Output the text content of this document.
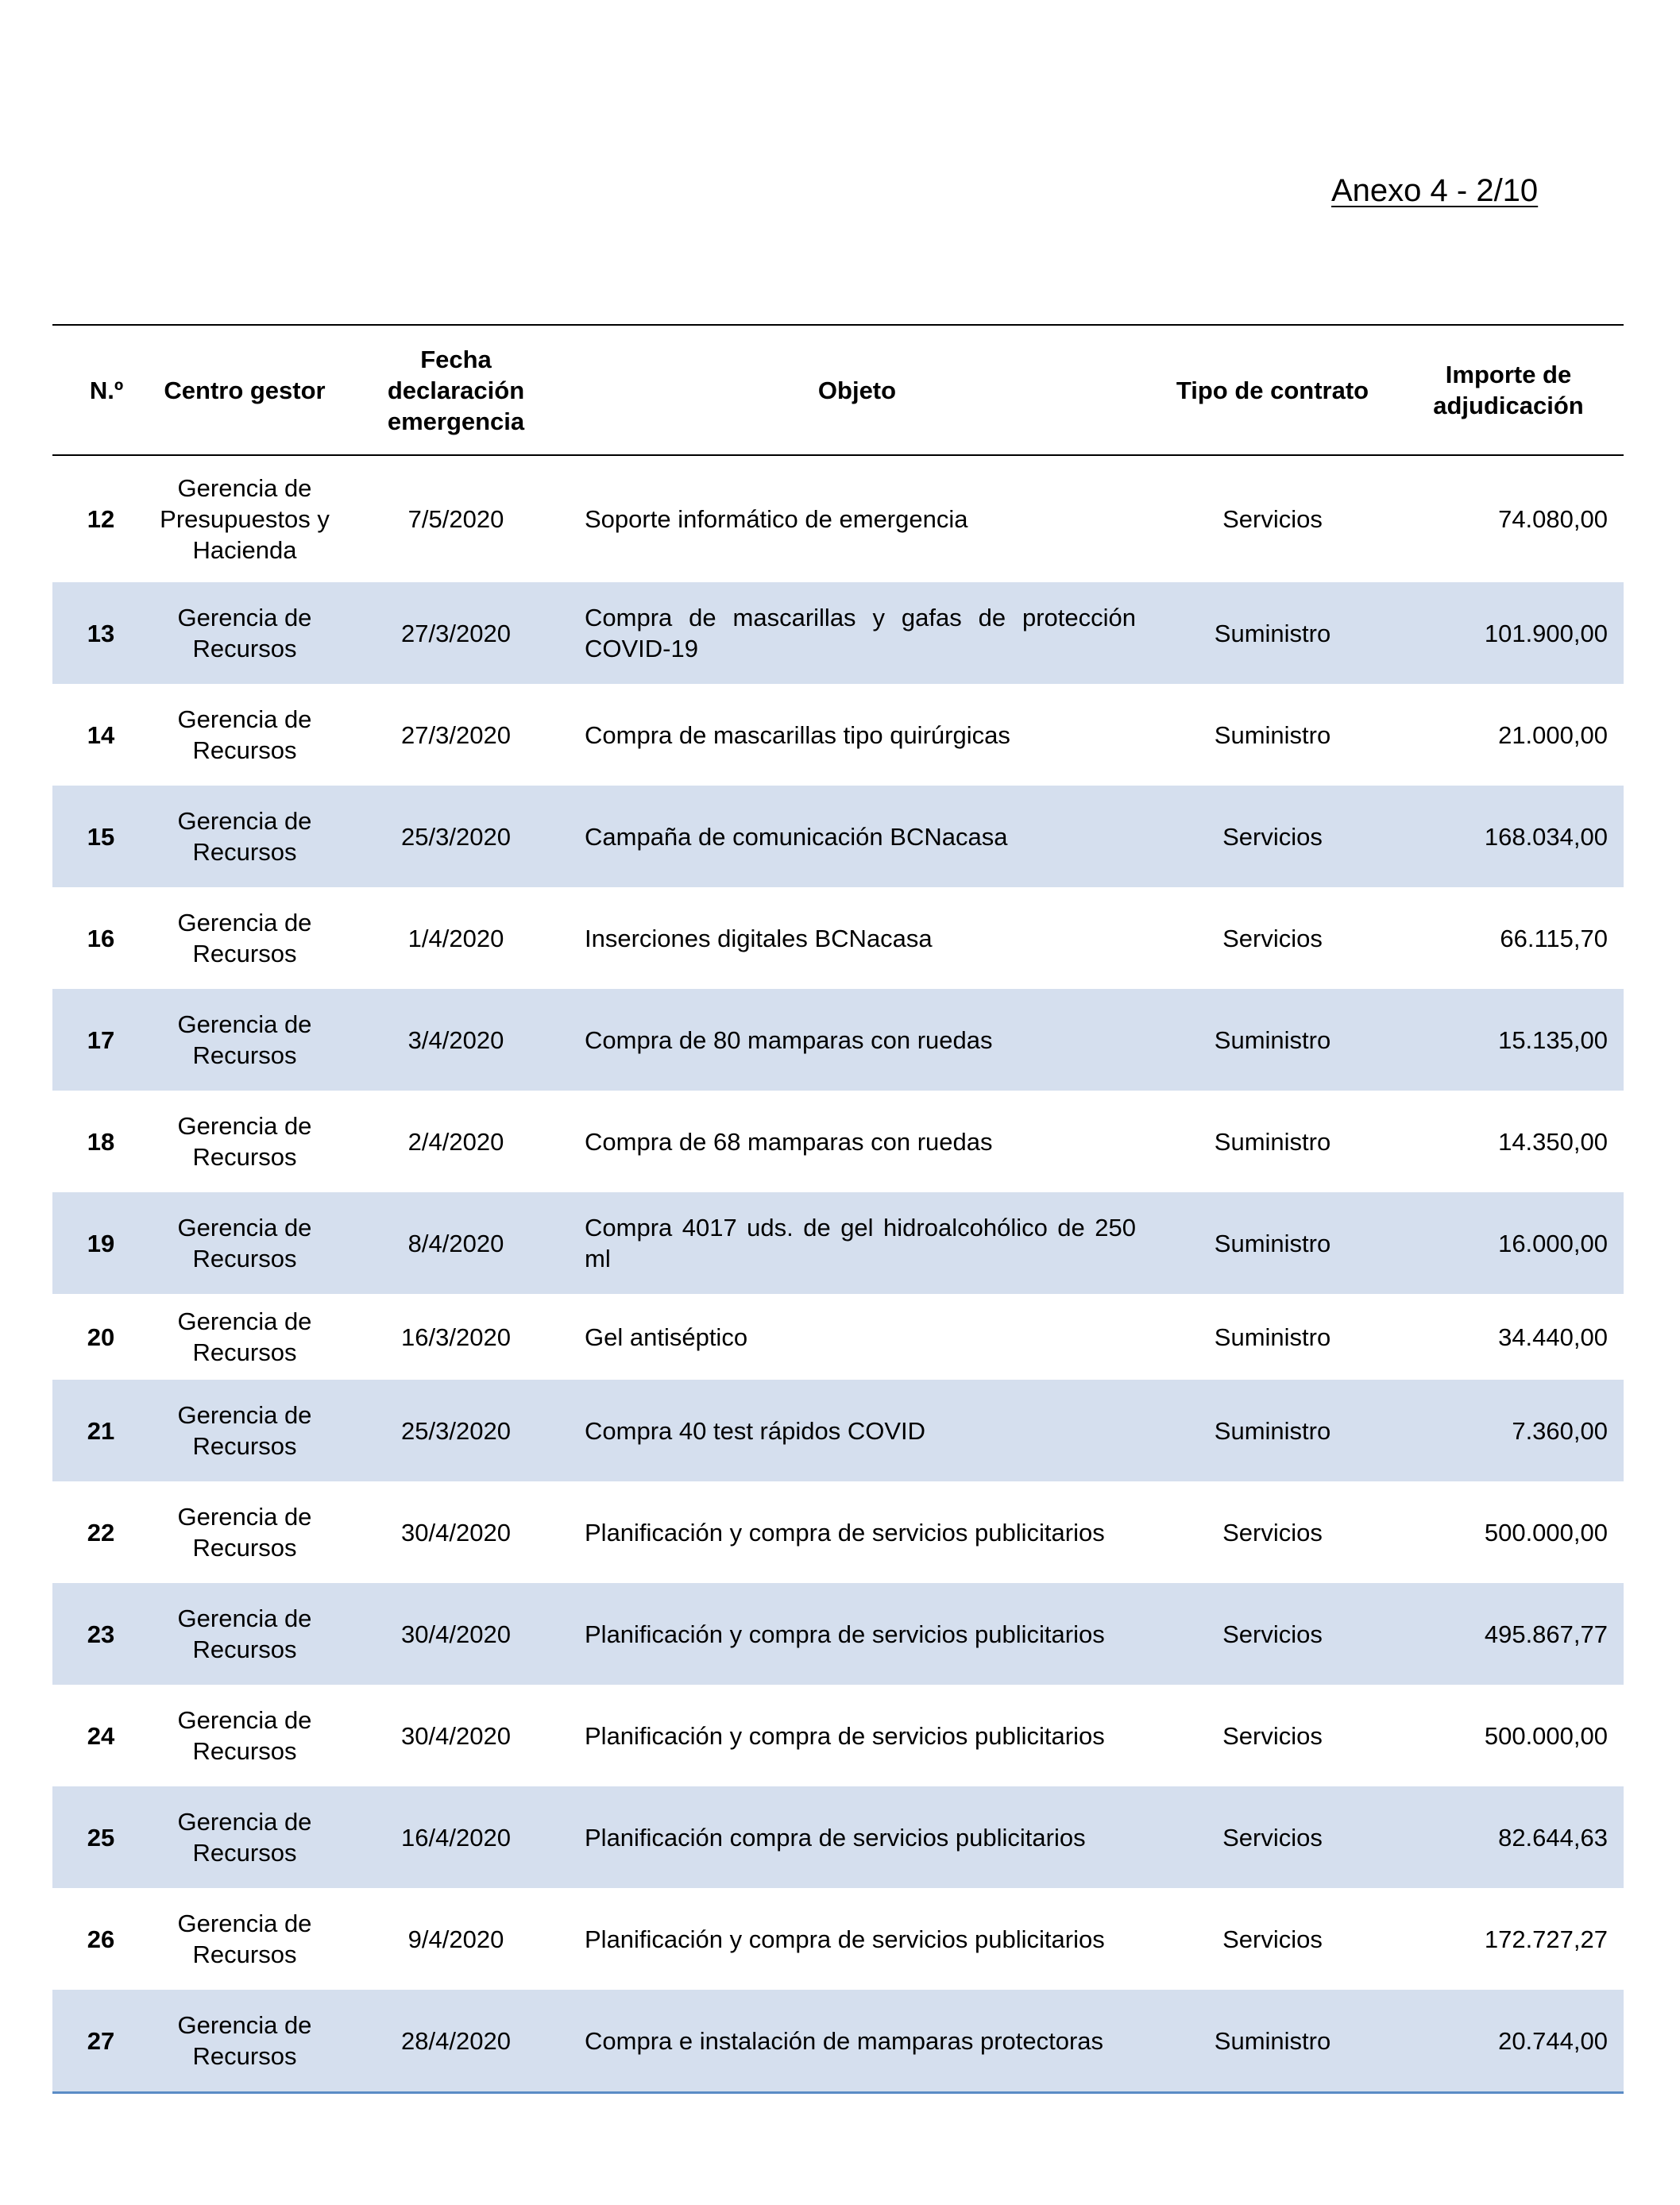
Anexo 4 - 2/10
N.º	Centro gestor	Fecha declaración emergencia	Objeto	Tipo de contrato	Importe de adjudicación
12	Gerencia de Presupuestos y Hacienda	7/5/2020	Soporte informático de emergencia	Servicios	74.080,00
13	Gerencia de Recursos	27/3/2020	Compra de mascarillas y gafas de protección COVID-19	Suministro	101.900,00
14	Gerencia de Recursos	27/3/2020	Compra de mascarillas tipo quirúrgicas	Suministro	21.000,00
15	Gerencia de Recursos	25/3/2020	Campaña de comunicación BCNacasa	Servicios	168.034,00
16	Gerencia de Recursos	1/4/2020	Inserciones digitales BCNacasa	Servicios	66.115,70
17	Gerencia de Recursos	3/4/2020	Compra de 80 mamparas con ruedas	Suministro	15.135,00
18	Gerencia de Recursos	2/4/2020	Compra de 68 mamparas con ruedas	Suministro	14.350,00
19	Gerencia de Recursos	8/4/2020	Compra 4017 uds. de gel hidroalcohólico de 250 ml	Suministro	16.000,00
20	Gerencia de Recursos	16/3/2020	Gel antiséptico	Suministro	34.440,00
21	Gerencia de Recursos	25/3/2020	Compra 40 test rápidos COVID	Suministro	7.360,00
22	Gerencia de Recursos	30/4/2020	Planificación y compra de servicios publicitarios	Servicios	500.000,00
23	Gerencia de Recursos	30/4/2020	Planificación y compra de servicios publicitarios	Servicios	495.867,77
24	Gerencia de Recursos	30/4/2020	Planificación y compra de servicios publicitarios	Servicios	500.000,00
25	Gerencia de Recursos	16/4/2020	Planificación compra de servicios publicitarios	Servicios	82.644,63
26	Gerencia de Recursos	9/4/2020	Planificación y compra de servicios publicitarios	Servicios	172.727,27
27	Gerencia de Recursos	28/4/2020	Compra e instalación de mamparas protectoras	Suministro	20.744,00
